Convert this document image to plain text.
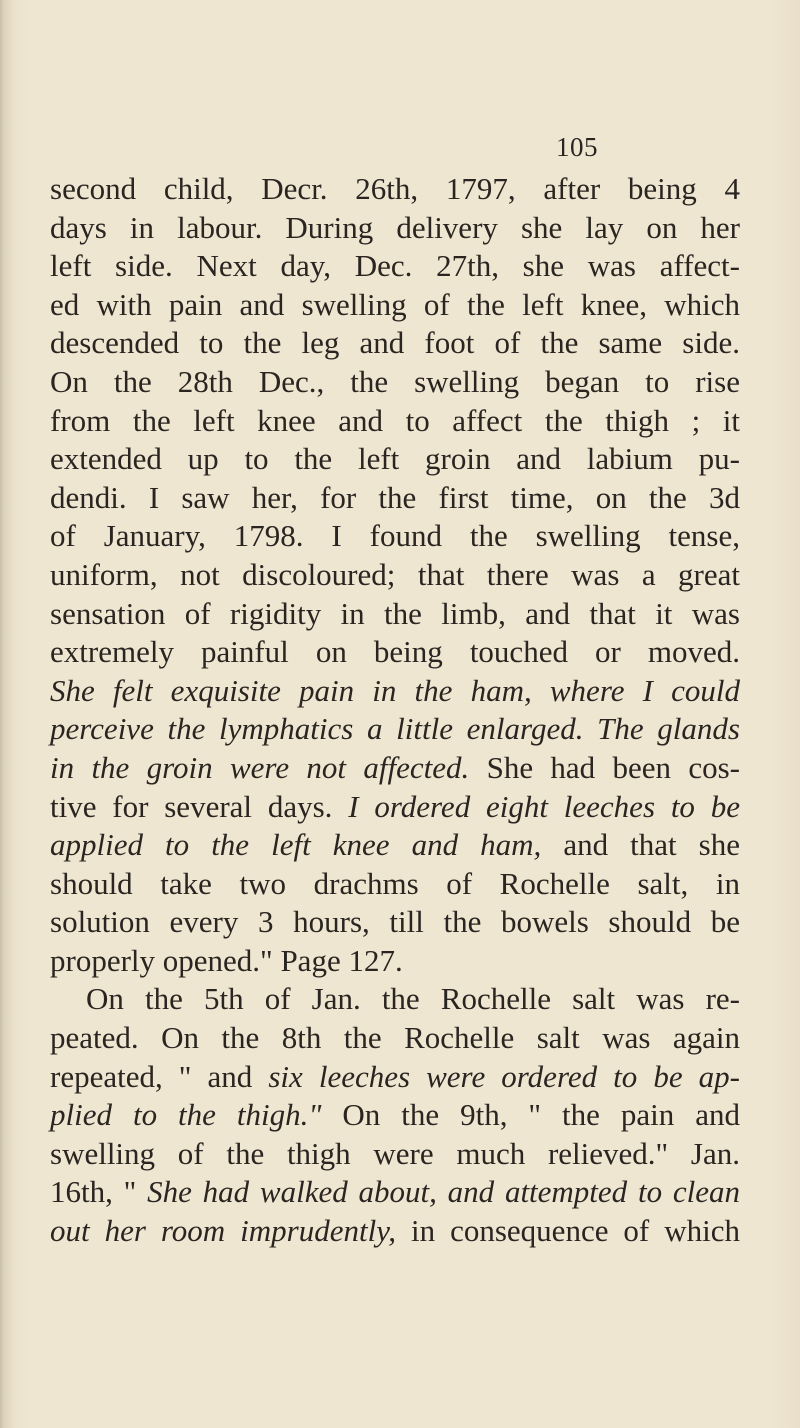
105
second child, Decr. 26th, 1797, after being 4
days in labour. During delivery she lay on her
left side. Next day, Dec. 27th, she was affect-
ed with pain and swelling of the left knee, which
descended to the leg and foot of the same side.
On the 28th Dec., the swelling began to rise
from the left knee and to affect the thigh ; it
extended up to the left groin and labium pu-
dendi. I saw her, for the first time, on the 3d
of January, 1798. I found the swelling tense,
uniform, not discoloured; that there was a great
sensation of rigidity in the limb, and that it was
extremely painful on being touched or moved.
She felt exquisite pain in the ham, where I could
perceive the lymphatics a little enlarged. The glands
in the groin were not affected. She had been cos-
tive for several days. I ordered eight leeches to be
applied to the left knee and ham, and that she
should take two drachms of Rochelle salt, in
solution every 3 hours, till the bowels should be
properly opened." Page 127.
On the 5th of Jan. the Rochelle salt was re-
peated. On the 8th the Rochelle salt was again
repeated, " and six leeches were ordered to be ap-
plied to the thigh." On the 9th, " the pain and
swelling of the thigh were much relieved." Jan.
16th, " She had walked about, and attempted to clean
out her room imprudently, in consequence of which
